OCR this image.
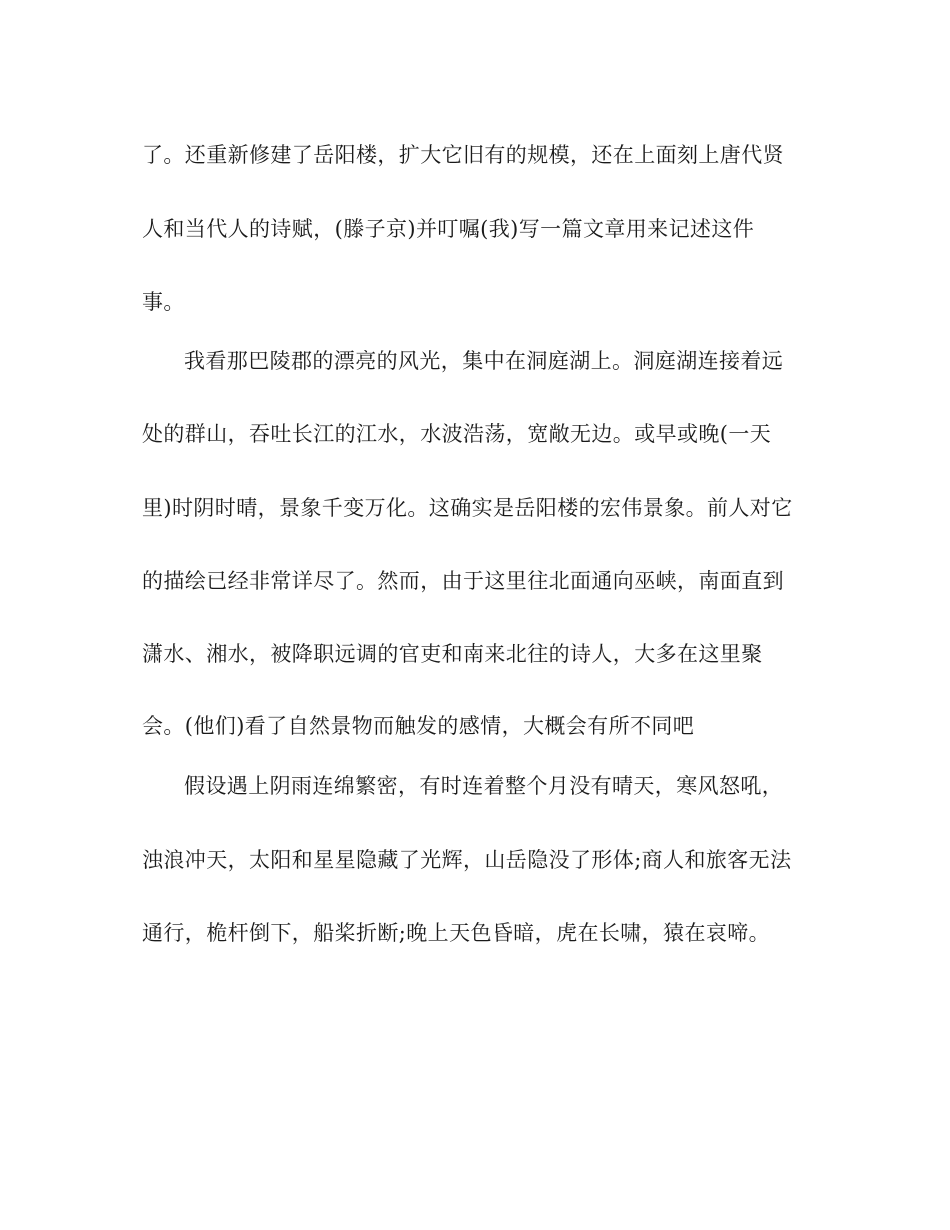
了。还重新修建了岳阳楼，扩大它旧有的规模，还在上面刻上唐代贤
人和当代人的诗赋，(滕子京)并叮嘱(我)写一篇文章用来记述这件
事。
我看那巴陵郡的漂亮的风光，集中在洞庭湖上。洞庭湖连接着远
处的群山，吞吐长江的江水，水波浩荡，宽敞无边。或早或晚(一天
里)时阴时晴，景象千变万化。这确实是岳阳楼的宏伟景象。前人对它
的描绘已经非常详尽了。然而，由于这里往北面通向巫峡，南面直到
潇水、湘水，被降职远调的官吏和南来北往的诗人，大多在这里聚
会。(他们)看了自然景物而触发的感情，大概会有所不同吧
假设遇上阴雨连绵繁密，有时连着整个月没有晴天，寒风怒吼，
浊浪冲天，太阳和星星隐藏了光辉，山岳隐没了形体;商人和旅客无法
通行，桅杆倒下，船桨折断;晚上天色昏暗，虎在长啸，猿在哀啼。
